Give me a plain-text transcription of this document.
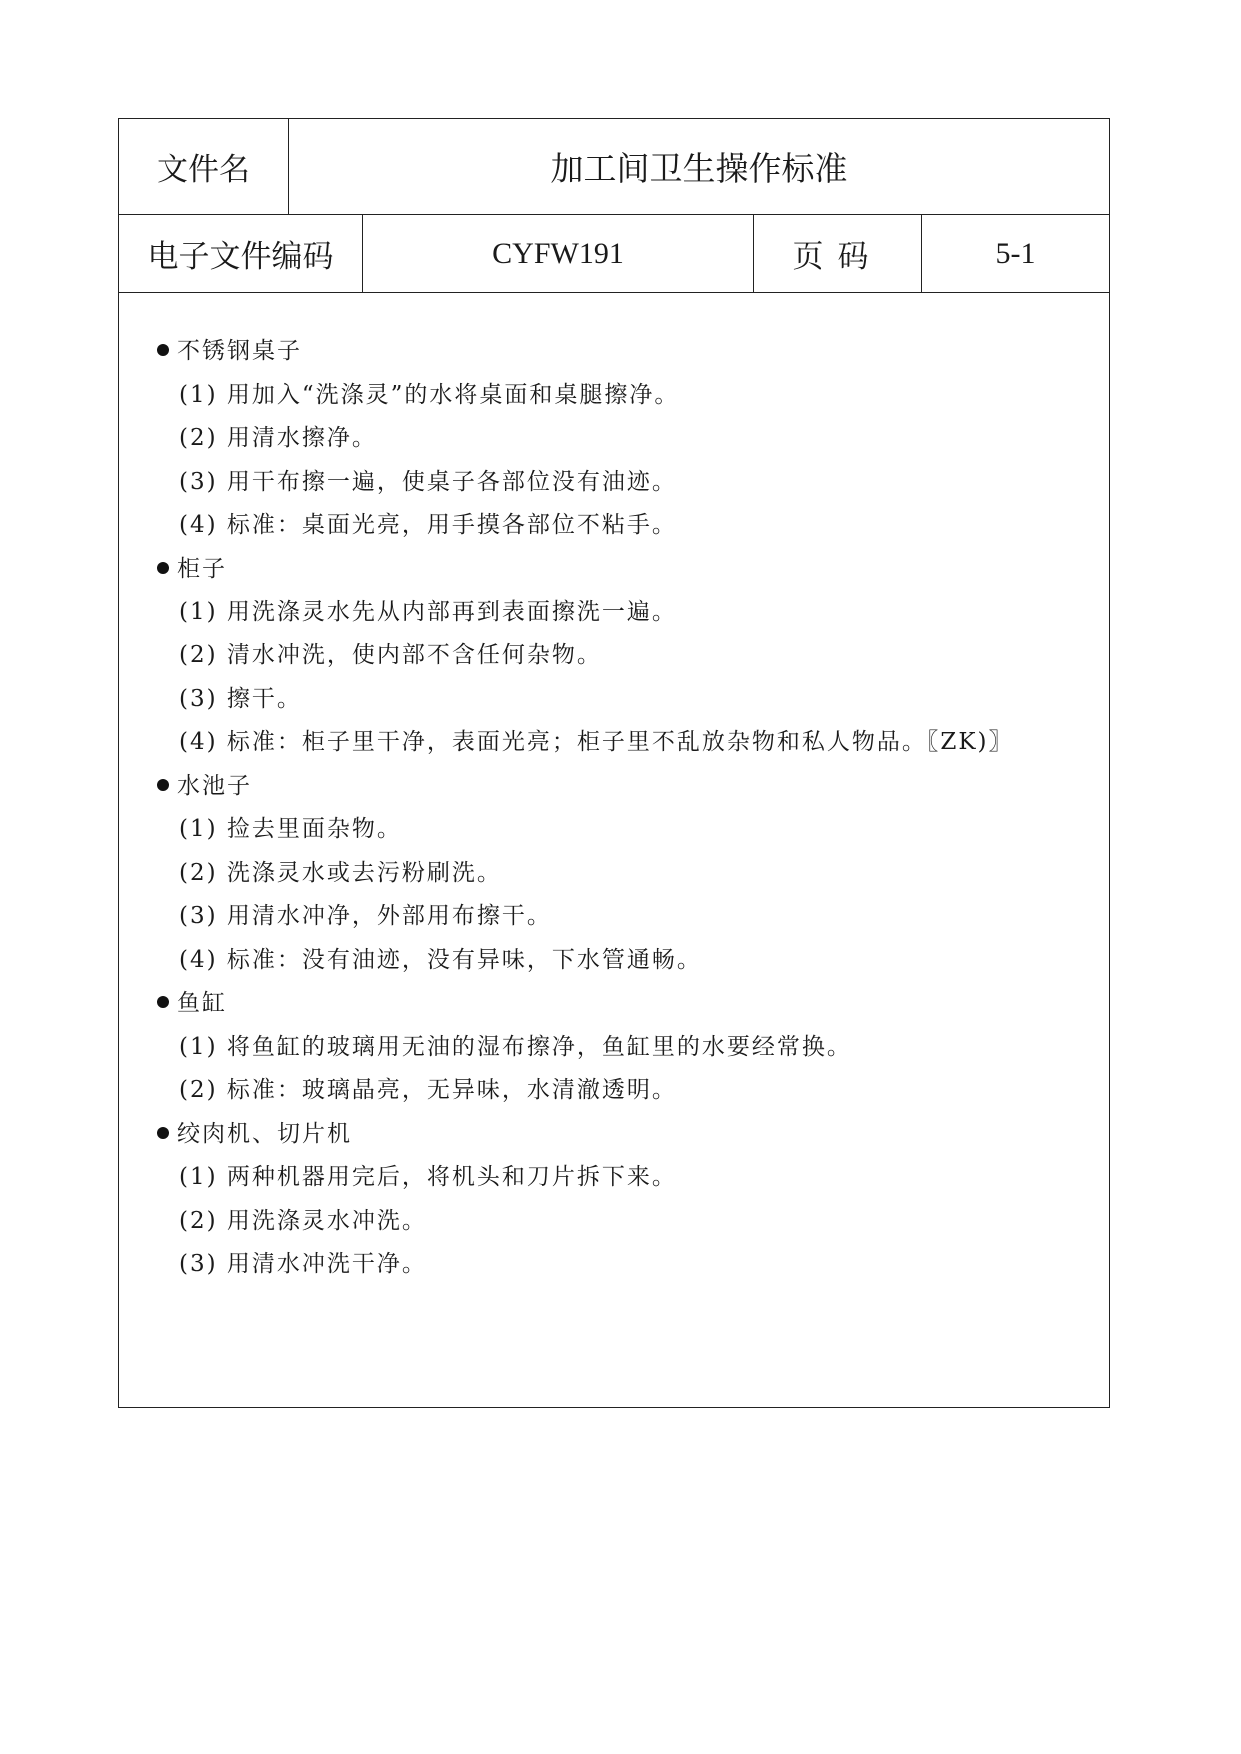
文件名	加工间卫生操作标准
电子文件编码	CYFW191	页码	5-1
不锈钢桌子
(1) 用加入“洗涤灵”的水将桌面和桌腿擦净。
(2) 用清水擦净。
(3) 用干布擦一遍，使桌子各部位没有油迹。
(4) 标准：桌面光亮，用手摸各部位不粘手。
柜子
(1) 用洗涤灵水先从内部再到表面擦洗一遍。
(2) 清水冲洗，使内部不含任何杂物。
(3) 擦干。
(4) 标准：柜子里干净，表面光亮；柜子里不乱放杂物和私人物品。〖ZK)〗
水池子
(1) 捡去里面杂物。
(2) 洗涤灵水或去污粉刷洗。
(3) 用清水冲净，外部用布擦干。
(4) 标准：没有油迹，没有异味，下水管通畅。
鱼缸
(1) 将鱼缸的玻璃用无油的湿布擦净，鱼缸里的水要经常换。
(2) 标准：玻璃晶亮，无异味，水清澈透明。
绞肉机、切片机
(1) 两种机器用完后，将机头和刀片拆下来。
(2) 用洗涤灵水冲洗。
(3) 用清水冲洗干净。
